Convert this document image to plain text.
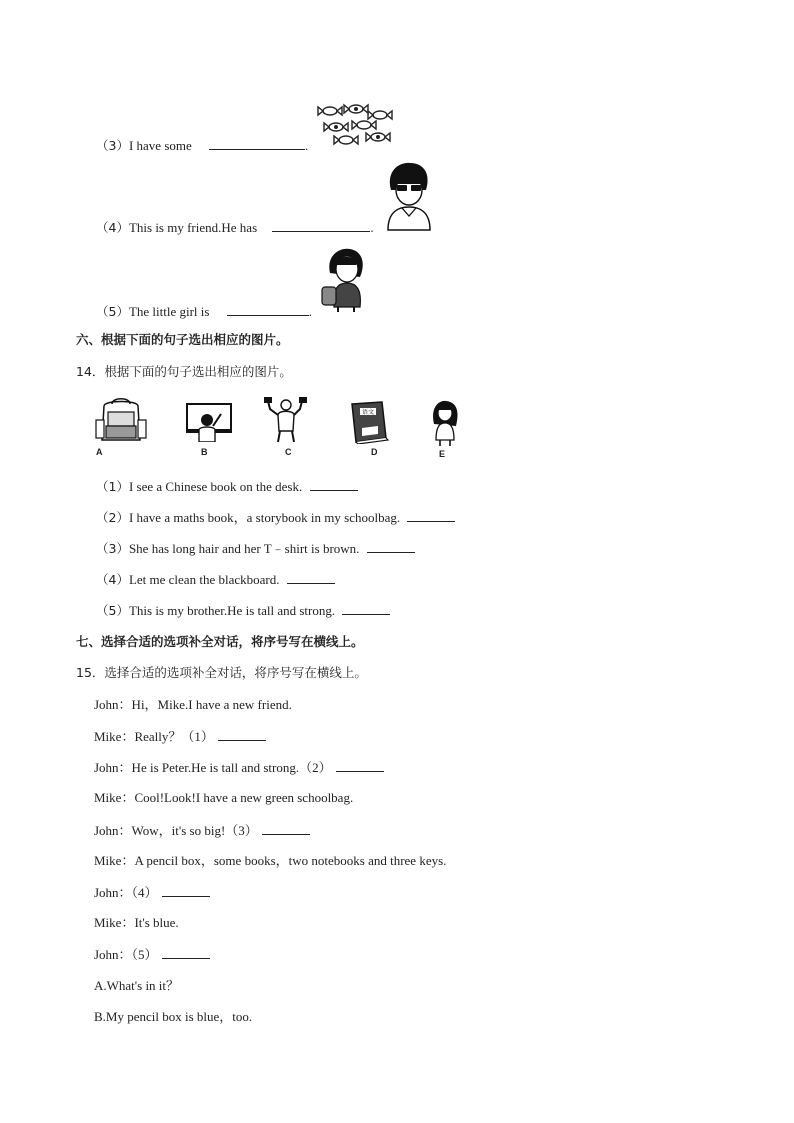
（3）I have some	.
（4）This is my friend.He has	.
（5）The little girl is	.
六、根据下面的句子选出相应的图片。
14．根据下面的句子选出相应的图片。
A	B	C
语文
D	E
（1）I see a Chinese book on the desk.
（2）I have a maths book，a storybook in my schoolbag.
（3）She has long hair and her T﹣shirt is brown.
（4）Let me clean the blackboard.
（5）This is my brother.He is tall and strong.
七、选择合适的选项补全对话，将序号写在横线上。
15．选择合适的选项补全对话，将序号写在横线上。
John：Hi，Mike.I have a new friend.
Mike：Really？（1）
John：He is Peter.He is tall and strong.（2）
Mike：Cool!Look!I have a new green schoolbag.
John：Wow，it's so big!（3）
Mike：A pencil box，some books，two notebooks and three keys.
John：（4）
Mike：It's blue.
John：（5）
A.What's in it？
B.My pencil box is blue，too.
